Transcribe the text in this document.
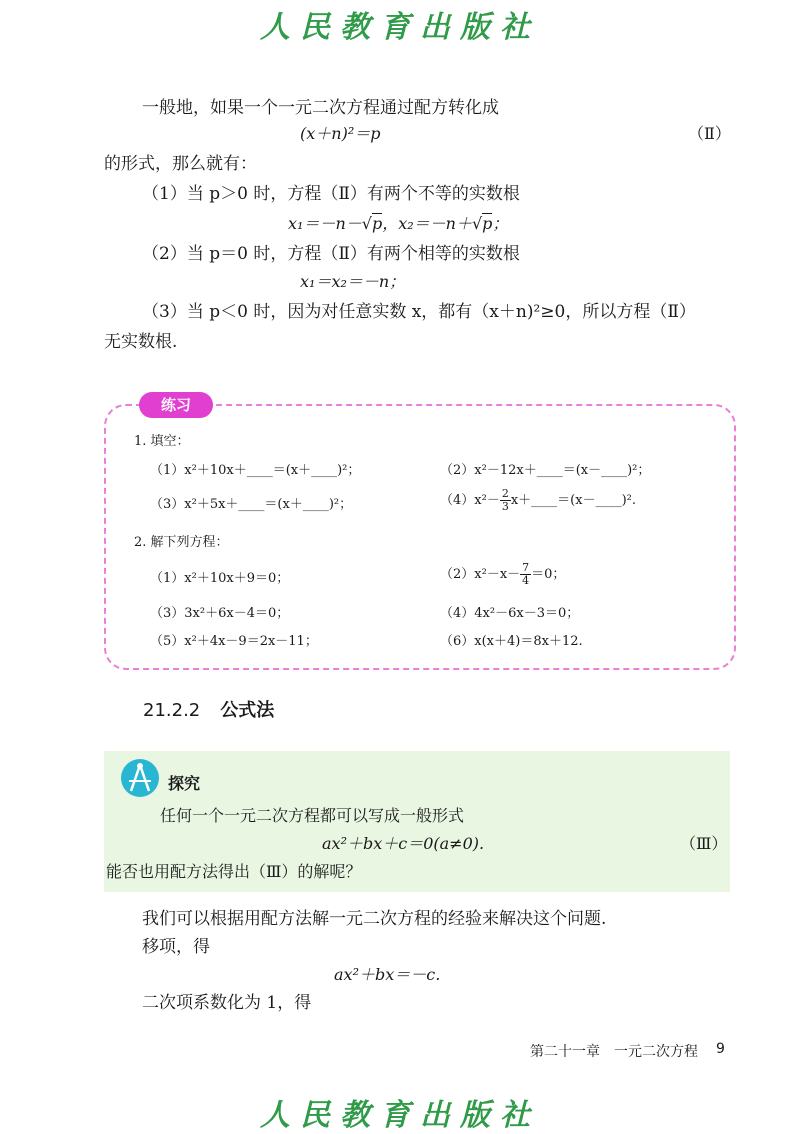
人民教育出版社
一般地，如果一个一元二次方程通过配方转化成
(x＋n)²＝p	（Ⅱ）
的形式，那么就有：
（1）当 p＞0 时，方程（Ⅱ）有两个不等的实数根
x₁＝－n－√p，x₂＝－n＋√p；
（2）当 p＝0 时，方程（Ⅱ）有两个相等的实数根
x₁＝x₂＝－n；
（3）当 p＜0 时，因为对任意实数 x，都有（x＋n)²≥0，所以方程（Ⅱ）
无实数根.
练习
1. 填空：
（1）x²＋10x＋____＝(x＋____)²；	（2）x²－12x＋____＝(x－____)²；
（3）x²＋5x＋____＝(x＋____)²；	$(4)x^2- \frac{2}{3}$ x＋____＝(x－____)².
2. 解下列方程：
（1）x²＋10x＋9＝0；	$(2)x^2-x- \frac{7}{4} =0$；
（3）3x²＋6x－4＝0；	（4）4x²－6x－3＝0；
（5）x²＋4x－9＝2x－11；	（6）x(x＋4)＝8x＋12.
21.2.2 公式法
探究
任何一个一元二次方程都可以写成一般形式
ax²＋bx＋c＝0(a≠0).	（Ⅲ）
能否也用配方法得出（Ⅲ）的解呢？
我们可以根据用配方法解一元二次方程的经验来解决这个问题.
移项，得
ax²＋bx＝－c.
二次项系数化为 1，得
第二十一章　一元二次方程 9
人民教育出版社
